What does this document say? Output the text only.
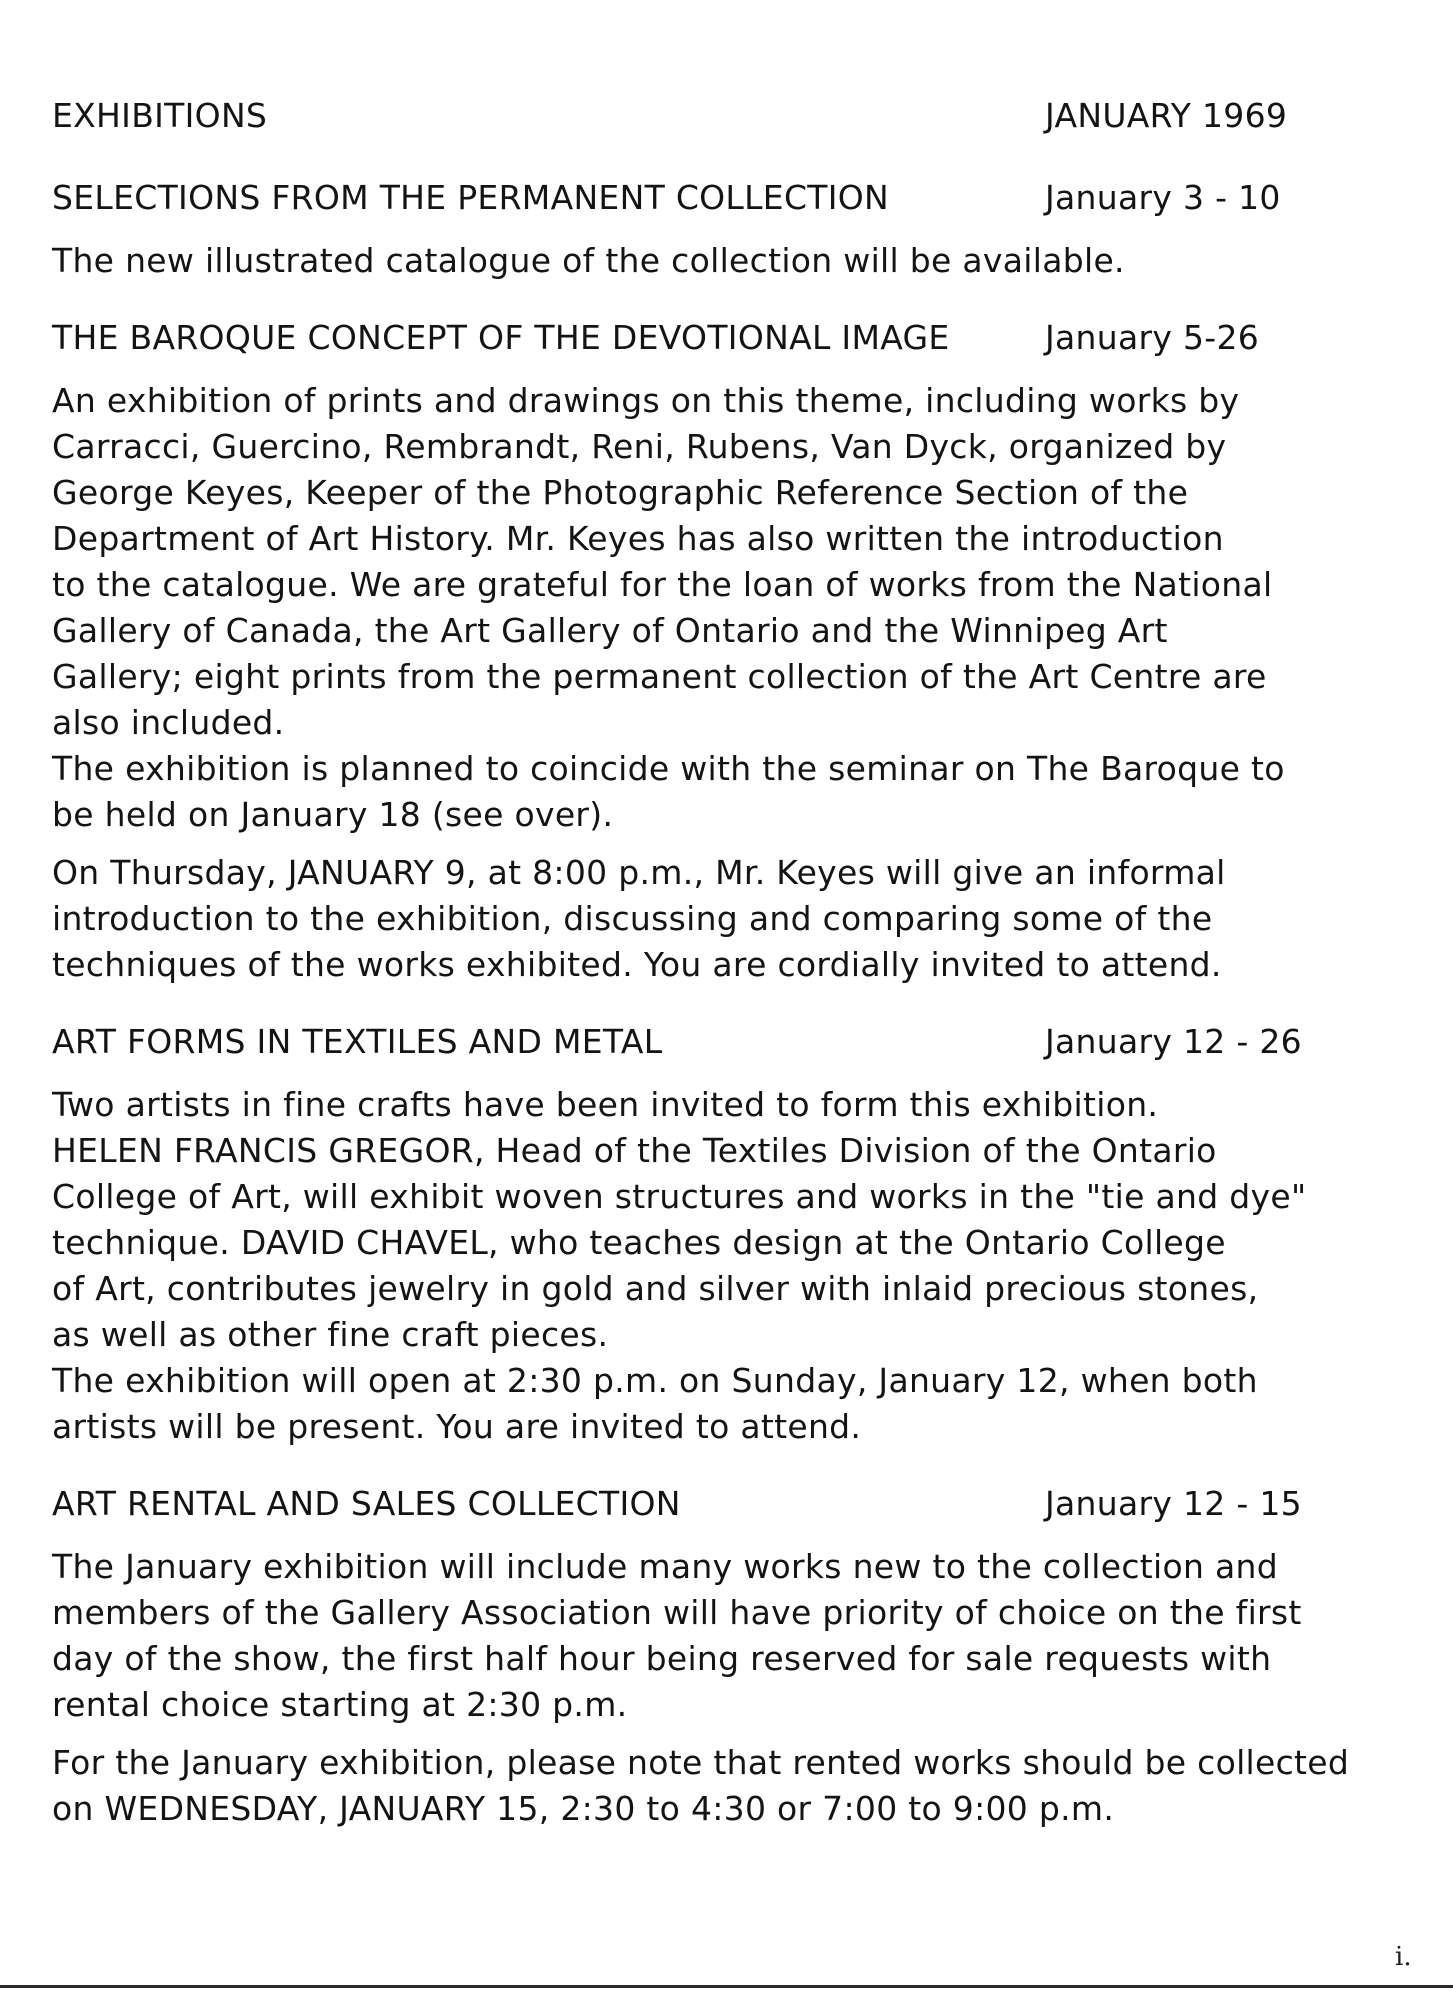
EXHIBITIONS	JANUARY 1969
SELECTIONS FROM THE PERMANENT COLLECTION	January 3 - 10
The new illustrated catalogue of the collection will be available.
THE BAROQUE CONCEPT OF THE DEVOTIONAL IMAGE	January 5-26
An exhibition of prints and drawings on this theme, including works by
Carracci, Guercino, Rembrandt, Reni, Rubens, Van Dyck, organized by
George Keyes, Keeper of the Photographic Reference Section of the
Department of Art History. Mr. Keyes has also written the introduction
to the catalogue. We are grateful for the loan of works from the National
Gallery of Canada, the Art Gallery of Ontario and the Winnipeg Art
Gallery; eight prints from the permanent collection of the Art Centre are
also included.
The exhibition is planned to coincide with the seminar on The Baroque to
be held on January 18 (see over).
On Thursday, JANUARY 9, at 8:00 p.m., Mr. Keyes will give an informal
introduction to the exhibition, discussing and comparing some of the
techniques of the works exhibited. You are cordially invited to attend.
ART FORMS IN TEXTILES AND METAL	January 12 - 26
Two artists in fine crafts have been invited to form this exhibition.
HELEN FRANCIS GREGOR, Head of the Textiles Division of the Ontario
College of Art, will exhibit woven structures and works in the "tie and dye"
technique. DAVID CHAVEL, who teaches design at the Ontario College
of Art, contributes jewelry in gold and silver with inlaid precious stones,
as well as other fine craft pieces.
The exhibition will open at 2:30 p.m. on Sunday, January 12, when both
artists will be present. You are invited to attend.
ART RENTAL AND SALES COLLECTION	January 12 - 15
The January exhibition will include many works new to the collection and
members of the Gallery Association will have priority of choice on the first
day of the show, the first half hour being reserved for sale requests with
rental choice starting at 2:30 p.m.
For the January exhibition, please note that rented works should be collected
on WEDNESDAY, JANUARY 15, 2:30 to 4:30 or 7:00 to 9:00 p.m.
i.
